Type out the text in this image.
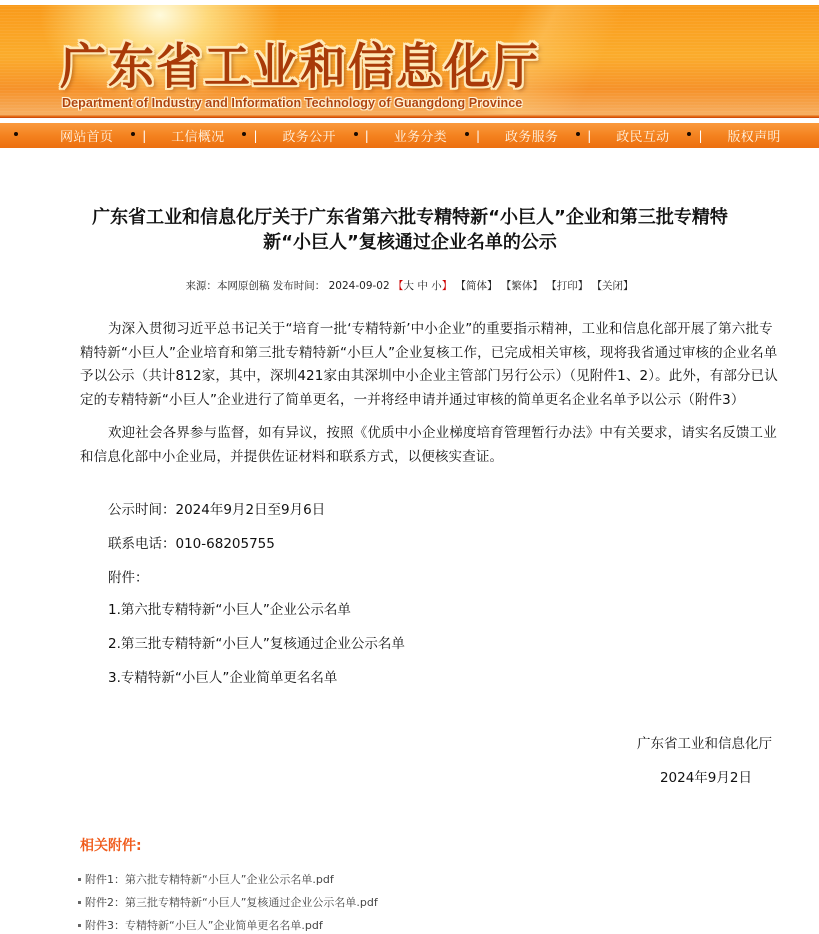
广东省工业和信息化厅
Department of Industry and Information Technology of Guangdong Province
网站首页 | 工信概况 | 政务公开 | 业务分类 | 政务服务 | 政民互动 | 版权声明
广东省工业和信息化厅关于广东省第六批专精特新“小巨人”企业和第三批专精特新“小巨人”复核通过企业名单的公示
来源：本网原创稿 发布时间： 2024-09-02 【大 中 小】 【简体】 【繁体】 【打印】 【关闭】

为深入贯彻习近平总书记关于“培育一批‘专精特新’中小企业”的重要指示精神，工业和信息化部开展了第六批专精特新“小巨人”企业培育和第三批专精特新“小巨人”企业复核工作，已完成相关审核，现将我省通过审核的企业名单予以公示（共计812家，其中，深圳421家由其深圳中小企业主管部门另行公示）（见附件1、2）。此外，有部分已认定的专精特新“小巨人”企业进行了简单更名，一并将经申请并通过审核的简单更名企业名单予以公示（附件3）

欢迎社会各界参与监督，如有异议，按照《优质中小企业梯度培育管理暂行办法》中有关要求，请实名反馈工业和信息化部中小企业局，并提供佐证材料和联系方式，以便核实查证。

公示时间：2024年9月2日至9月6日

联系电话：010-68205755

附件：

1.第六批专精特新“小巨人”企业公示名单

2.第三批专精特新“小巨人”复核通过企业公示名单

3.专精特新“小巨人”企业简单更名名单

广东省工业和信息化厅
2024年9月2日
相关附件:
附件1：第六批专精特新“小巨人”企业公示名单.pdf
附件2：第三批专精特新“小巨人”复核通过企业公示名单.pdf
附件3：专精特新“小巨人”企业简单更名名单.pdf
